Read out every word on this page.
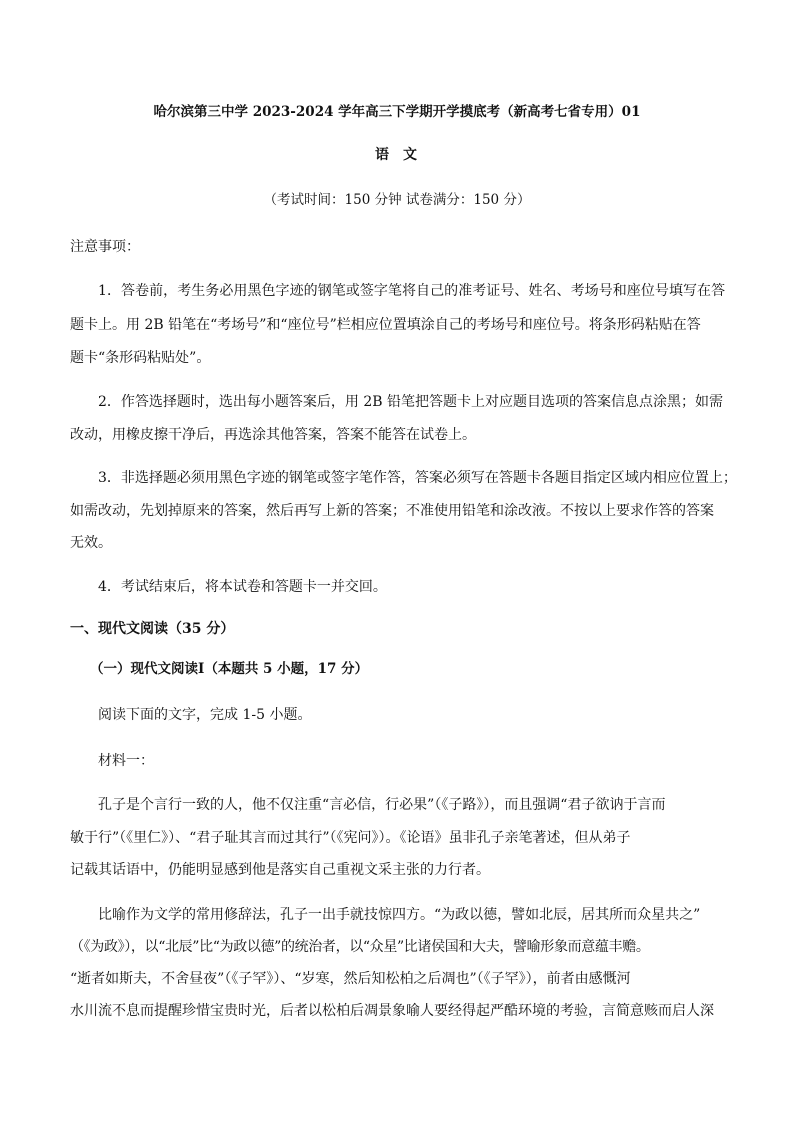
哈尔滨第三中学 2023-2024 学年高三下学期开学摸底考（新高考七省专用）01
语文
（考试时间：150 分钟 试卷满分：150 分）
注意事项：
1．答卷前，考生务必用黑色字迹的钢笔或签字笔将自己的准考证号、姓名、考场号和座位号填写在答
题卡上。用 2B 铅笔在“考场号”和“座位号”栏相应位置填涂自己的考场号和座位号。将条形码粘贴在答
题卡“条形码粘贴处”。
2．作答选择题时，选出每小题答案后，用 2B 铅笔把答题卡上对应题目选项的答案信息点涂黑；如需
改动，用橡皮擦干净后，再选涂其他答案，答案不能答在试卷上。
3．非选择题必须用黑色字迹的钢笔或签字笔作答，答案必须写在答题卡各题目指定区域内相应位置上；
如需改动，先划掉原来的答案，然后再写上新的答案；不准使用铅笔和涂改液。不按以上要求作答的答案
无效。
4．考试结束后，将本试卷和答题卡一并交回。
一、现代文阅读（35 分）
（一）现代文阅读Ⅰ（本题共 5 小题，17 分）
阅读下面的文字，完成 1-5 小题。
材料一：
孔子是个言行一致的人，他不仅注重“言必信，行必果”（《子路》），而且强调“君子欲讷于言而
敏于行”（《里仁》）、“君子耻其言而过其行”（《宪问》）。《论语》虽非孔子亲笔著述，但从弟子
记载其话语中，仍能明显感到他是落实自己重视文采主张的力行者。
比喻作为文学的常用修辞法，孔子一出手就技惊四方。“为政以德，譬如北辰，居其所而众星共之”
（《为政》），以“北辰”比“为政以德”的统治者，以“众星”比诸侯国和大夫，譬喻形象而意蕴丰赡。
“逝者如斯夫，不舍昼夜”（《子罕》）、“岁寒，然后知松柏之后凋也”（《子罕》），前者由感慨河
水川流不息而提醒珍惜宝贵时光，后者以松柏后凋景象喻人要经得起严酷环境的考验，言简意赅而启人深
